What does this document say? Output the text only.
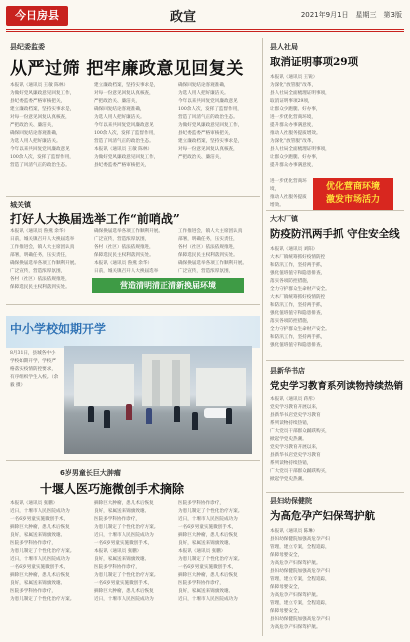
今日房县	政宣	2021年9月1日　星期三　第3版
县纪委监委
从严过筛 把牢廉政意见回复关
本报讯（通讯员 王敏 陈林）
为做好党风廉政意见回复工作，
县纪委监委严格审核把关，
建立廉政档案，坚持实事求是，
对每一份意见回复认真核查，
严把政治关、廉洁关，
确保回复结论客观准确，
为选人用人把好廉洁关。
今年以来共回复党风廉政意见
100余人次，发挥了监督作用，
营造了风清气正的政治生态。
建立廉政档案，坚持实事求是，
对每一份意见回复认真核查，
严把政治关、廉洁关，
确保回复结论客观准确，
为选人用人把好廉洁关。
今年以来共回复党风廉政意见
100余人次，发挥了监督作用，
营造了风清气正的政治生态。
本报讯（通讯员 王敏 陈林）
为做好党风廉政意见回复工作，
县纪委监委严格审核把关，
确保回复结论客观准确，
为选人用人把好廉洁关。
今年以来共回复党风廉政意见
100余人次，发挥了监督作用，
营造了风清气正的政治生态。
为做好党风廉政意见回复工作，
县纪委监委严格审核把关，
建立廉政档案，坚持实事求是，
对每一份意见回复认真核查，
严把政治关、廉洁关，
城关镇
打好人大换届选举工作“前哨战”
本报讯（通讯员 鲁燕 余华）
日前，城关镇召开人大换届选举
工作推进会，镇人大主席团认真
部署，明确任务，压实责任，
确保换届选举各项工作顺利开展。
广泛宣传，营造浓厚氛围，
各村（社区）依法依规推进，
保障选民民主权利落到实处。
确保换届选举各项工作顺利开展。
广泛宣传，营造浓厚氛围，
各村（社区）依法依规推进，
保障选民民主权利落到实处。
本报讯（通讯员 鲁燕 余华）
日前，城关镇召开人大换届选举
工作推进会，镇人大主席团认真
部署，明确任务，压实责任，
各村（社区）依法依规推进，
保障选民民主权利落到实处。
确保换届选举各项工作顺利开展。
广泛宣传，营造浓厚氛围，
营造清明清正清新换届环境
县人社局
取消证明事项29项
本报讯（通讯员 王锐）
为深化“放管服”改革，
县人社局全面梳理证明事项，
取消证明事项29项，
让群众少跑腿、好办事，
进一步优化营商环境，
提升群众办事满意度，
推动人社服务提质增效。
为深化“放管服”改革，
县人社局全面梳理证明事项，
让群众少跑腿、好办事，
提升群众办事满意度，
进一步优化营商环境，
推动人社服务提质增效。
优化营商环境
激发市场活力
大木厂镇
防疫防汛两手抓 守住安全线
本报讯（通讯员 刘阳）
大木厂镇统筹抓好疫情防控
和防汛工作，坚持两手抓，
强化值班值守和隐患排查，
落实各项防控措施，
全力守护群众生命财产安全。
大木厂镇统筹抓好疫情防控
和防汛工作，坚持两手抓，
强化值班值守和隐患排查，
落实各项防控措施，
全力守护群众生命财产安全。
和防汛工作，坚持两手抓，
强化值班值守和隐患排查，
中小学校如期开学
8月31日，县城各中小学校如期开学，学校严格落实疫情防控要求，有序组织学生入校。（余毅 摄）
6岁男童长巨大肿瘤
十堰人医巧施微创手术摘除
本报讯（通讯员 张鹏）
近日，十堰市人民医院成功为
一名6岁男童实施微创手术，
摘除巨大肿瘤，患儿术后恢复
良好，家属送来锦旗致谢。
医院多学科协作诊疗，
为患儿制定了个性化治疗方案。
近日，十堰市人民医院成功为
一名6岁男童实施微创手术，
摘除巨大肿瘤，患儿术后恢复
良好，家属送来锦旗致谢。
医院多学科协作诊疗，
为患儿制定了个性化治疗方案。
摘除巨大肿瘤，患儿术后恢复
良好，家属送来锦旗致谢。
医院多学科协作诊疗，
为患儿制定了个性化治疗方案。
近日，十堰市人民医院成功为
一名6岁男童实施微创手术，
本报讯（通讯员 张鹏）
良好，家属送来锦旗致谢。
医院多学科协作诊疗，
为患儿制定了个性化治疗方案。
一名6岁男童实施微创手术，
摘除巨大肿瘤，患儿术后恢复
近日，十堰市人民医院成功为
医院多学科协作诊疗，
为患儿制定了个性化治疗方案。
近日，十堰市人民医院成功为
一名6岁男童实施微创手术，
摘除巨大肿瘤，患儿术后恢复
良好，家属送来锦旗致谢。
本报讯（通讯员 张鹏）
为患儿制定了个性化治疗方案。
一名6岁男童实施微创手术，
摘除巨大肿瘤，患儿术后恢复
医院多学科协作诊疗，
良好，家属送来锦旗致谢。
近日，十堰市人民医院成功为
县新华书店
党史学习教育系列读物持续热销
本报讯（通讯员 蒋彤）
党史学习教育开展以来，
县新华书店党史学习教育
系列读物持续热销，
广大党员干部群众踊跃购买，
掀起学党史热潮。
党史学习教育开展以来，
县新华书店党史学习教育
系列读物持续热销，
广大党员干部群众踊跃购买，
掀起学党史热潮。
县妇幼保健院
为高危孕产妇保驾护航
本报讯（通讯员 陈琳）
县妇幼保健院加强高危孕产妇
管理，建立专案，全程追踪，
保障母婴安全，
为高危孕产妇保驾护航。
县妇幼保健院加强高危孕产妇
管理，建立专案，全程追踪，
保障母婴安全，
为高危孕产妇保驾护航。
管理，建立专案，全程追踪，
保障母婴安全，
县妇幼保健院加强高危孕产妇
为高危孕产妇保驾护航。
